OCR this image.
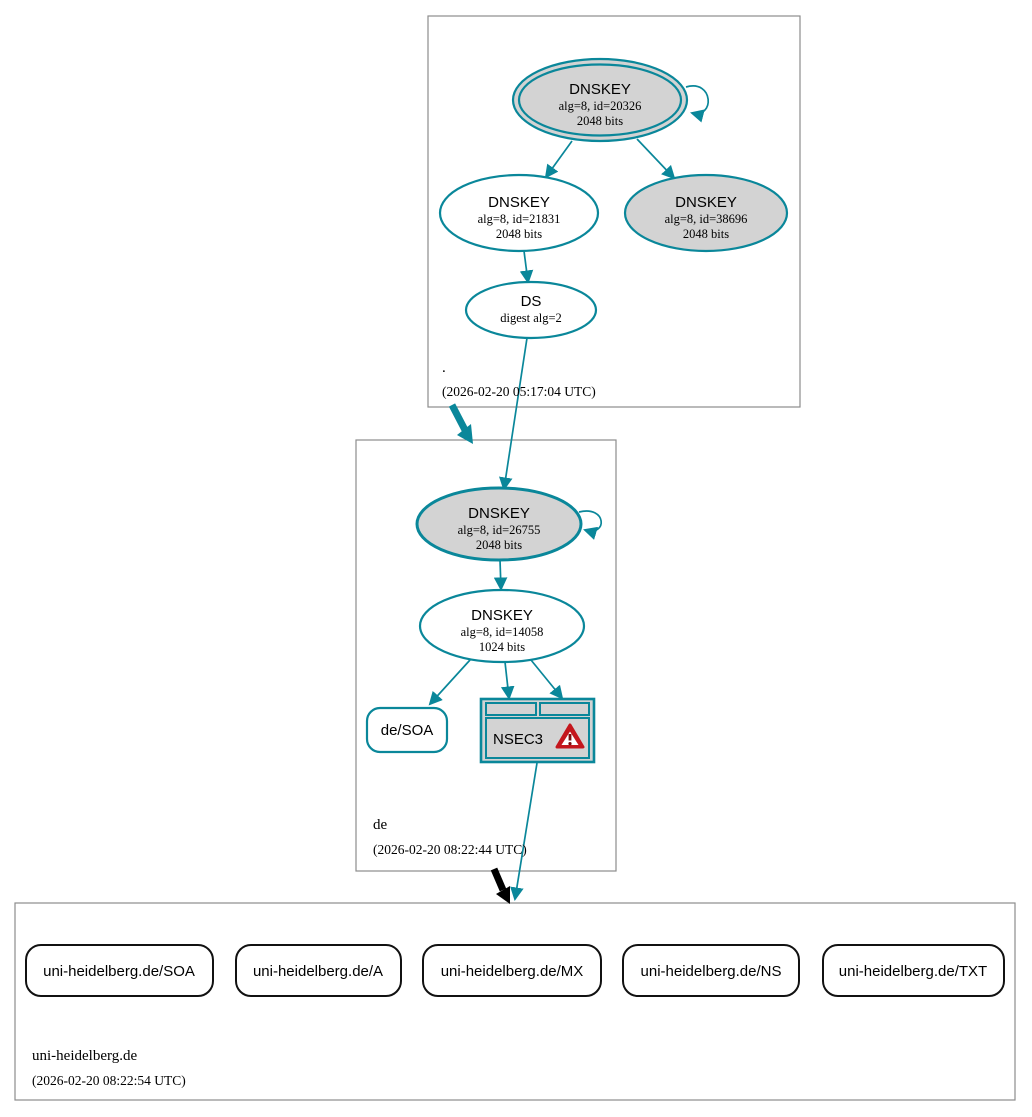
DNSKEY
alg=8, id=20326
2048 bits
DNSKEY
alg=8, id=21831
2048 bits
DNSKEY
alg=8, id=38696
2048 bits
DS
digest alg=2
.
(2026-02-20 05:17:04 UTC)
DNSKEY
alg=8, id=26755
2048 bits
DNSKEY
alg=8, id=14058
1024 bits
de/SOA
NSEC3
de
(2026-02-20 08:22:44 UTC)
uni-heidelberg.de/SOA	uni-heidelberg.de/A	uni-heidelberg.de/MX	uni-heidelberg.de/NS	uni-heidelberg.de/TXT
uni-heidelberg.de
(2026-02-20 08:22:54 UTC)
